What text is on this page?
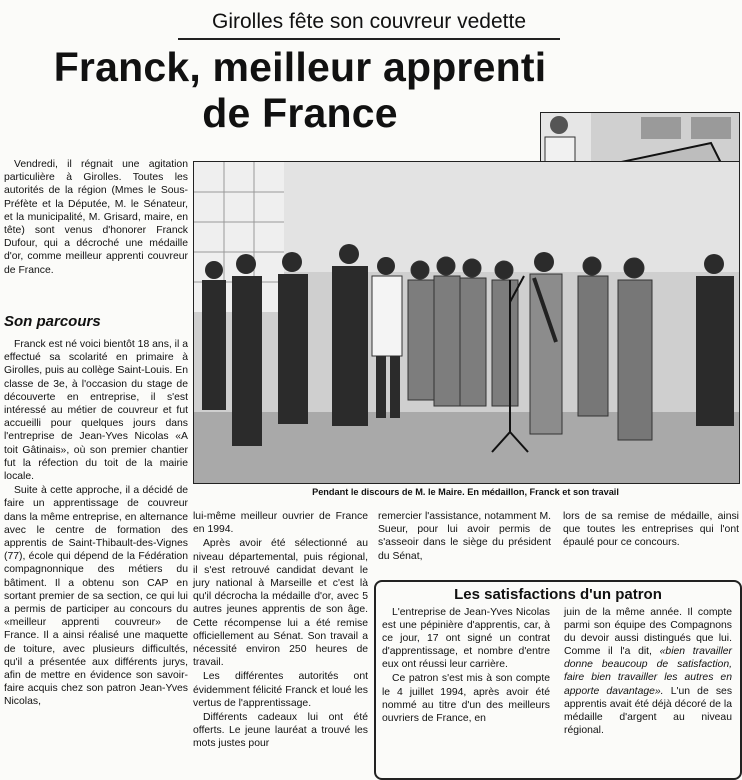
Girolles fête son couvreur vedette
Franck, meilleur apprenti
de France
Pendant le discours de M. le Maire. En médaillon, Franck et son travail

Vendredi, il régnait une agitation particulière à Girolles. Toutes les autorités de la région (Mmes le Sous-Préfète et la Députée, M. le Sénateur, et la municipalité, M. Grisard, maire, en tête) sont venus d'honorer Franck Dufour, qui a décroché une médaille d'or, comme meilleur apprenti couvreur de France.

Son parcours

Franck est né voici bientôt 18 ans, il a effectué sa scolarité en primaire à Girolles, puis au collège Saint-Louis. En classe de 3e, à l'occasion du stage de découverte en entreprise, il s'est intéressé au métier de couvreur et fut accueilli pour quelques jours dans l'entreprise de Jean-Yves Nicolas «A toit Gâtinais», où son premier chantier fut la réfection du toit de la mairie locale.

Suite à cette approche, il a décidé de faire un apprentissage de couvreur dans la même entreprise, en alternance avec le centre de formation des apprentis de Saint-Thibault-des-Vignes (77), école qui dépend de la Fédération compagnonnique des métiers du bâtiment. Il a obtenu son CAP en sortant premier de sa section, ce qui lui a permis de participer au concours du «meilleur apprenti couvreur» de France. Il a ainsi réalisé une maquette de toiture, avec plusieurs difficultés, qu'il a présentée aux différents jurys, afin de mettre en évidence son savoir-faire acquis chez son patron Jean-Yves Nicolas,

lui-même meilleur ouvrier de France en 1994.

Après avoir été sélectionné au niveau départemental, puis régional, il s'est retrouvé candidat devant le jury national à Marseille et c'est là qu'il décrocha la médaille d'or, avec 5 autres jeunes apprentis de son âge. Cette récompense lui a été remise officiellement au Sénat. Son travail a nécessité environ 250 heures de travail.

Les différentes autorités ont évidemment félicité Franck et loué les vertus de l'apprentissage.

Différents cadeaux lui ont été offerts. Le jeune lauréat a trouvé les mots justes pour

remercier l'assistance, notamment M. Sueur, pour lui avoir permis de s'asseoir dans le siège du président du Sénat,

lors de sa remise de médaille, ainsi que toutes les entreprises qui l'ont épaulé pour ce concours.

Les satisfactions d'un patron

L'entreprise de Jean-Yves Nicolas est une pépinière d'apprentis, car, à ce jour, 17 ont signé un contrat d'apprentissage, et nombre d'entre eux ont réussi leur carrière.

Ce patron s'est mis à son compte le 4 juillet 1994, après avoir été nommé au titre d'un des meilleurs ouvriers de France, en

juin de la même année. Il compte parmi son équipe des Compagnons du devoir aussi distingués que lui. Comme il l'a dit, «bien travailler donne beaucoup de satisfaction, faire bien travailler les autres en apporte davantage». L'un de ses apprentis avait été déjà décoré de la médaille d'argent au niveau régional.
